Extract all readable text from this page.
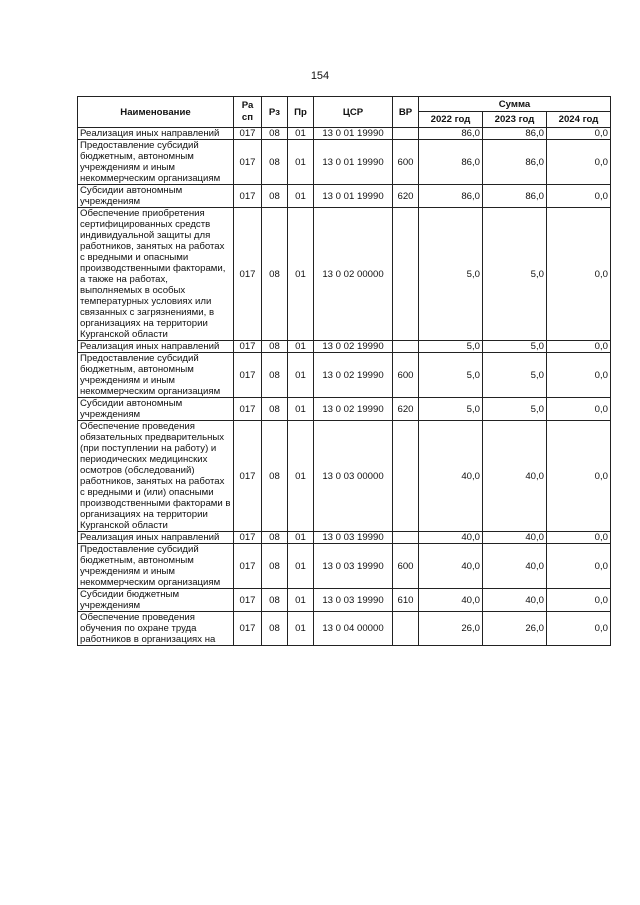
154
Наименование	Ра сп	Рз	Пр	ЦСР	ВР	Сумма		
						2022 год	2023 год	2024 год
Реализация иных направлений	017	08	01	13 0 01 19990		86,0	86,0	0,0
Предоставление субсидий бюджетным, автономным учреждениям и иным некоммерческим организациям	017	08	01	13 0 01 19990	600	86,0	86,0	0,0
Субсидии автономным учреждениям	017	08	01	13 0 01 19990	620	86,0	86,0	0,0
Обеспечение приобретения сертифицированных средств индивидуальной защиты для работников, занятых на работах с вредными и опасными производственными факторами, а также на работах, выполняемых в особых температурных условиях или связанных с загрязнениями, в организациях на территории Курганской области	017	08	01	13 0 02 00000		5,0	5,0	0,0
Реализация иных направлений	017	08	01	13 0 02 19990		5,0	5,0	0,0
Предоставление субсидий бюджетным, автономным учреждениям и иным некоммерческим организациям	017	08	01	13 0 02 19990	600	5,0	5,0	0,0
Субсидии автономным учреждениям	017	08	01	13 0 02 19990	620	5,0	5,0	0,0
Обеспечение проведения обязательных предварительных (при поступлении на работу) и периодических медицинских осмотров (обследований) работников, занятых на работах с вредными и (или) опасными производственными факторами в организациях на территории Курганской области	017	08	01	13 0 03 00000		40,0	40,0	0,0
Реализация иных направлений	017	08	01	13 0 03 19990		40,0	40,0	0,0
Предоставление субсидий бюджетным, автономным учреждениям и иным некоммерческим организациям	017	08	01	13 0 03 19990	600	40,0	40,0	0,0
Субсидии бюджетным учреждениям	017	08	01	13 0 03 19990	610	40,0	40,0	0,0
Обеспечение проведения обучения по охране труда работников в организациях на	017	08	01	13 0 04 00000		26,0	26,0	0,0
